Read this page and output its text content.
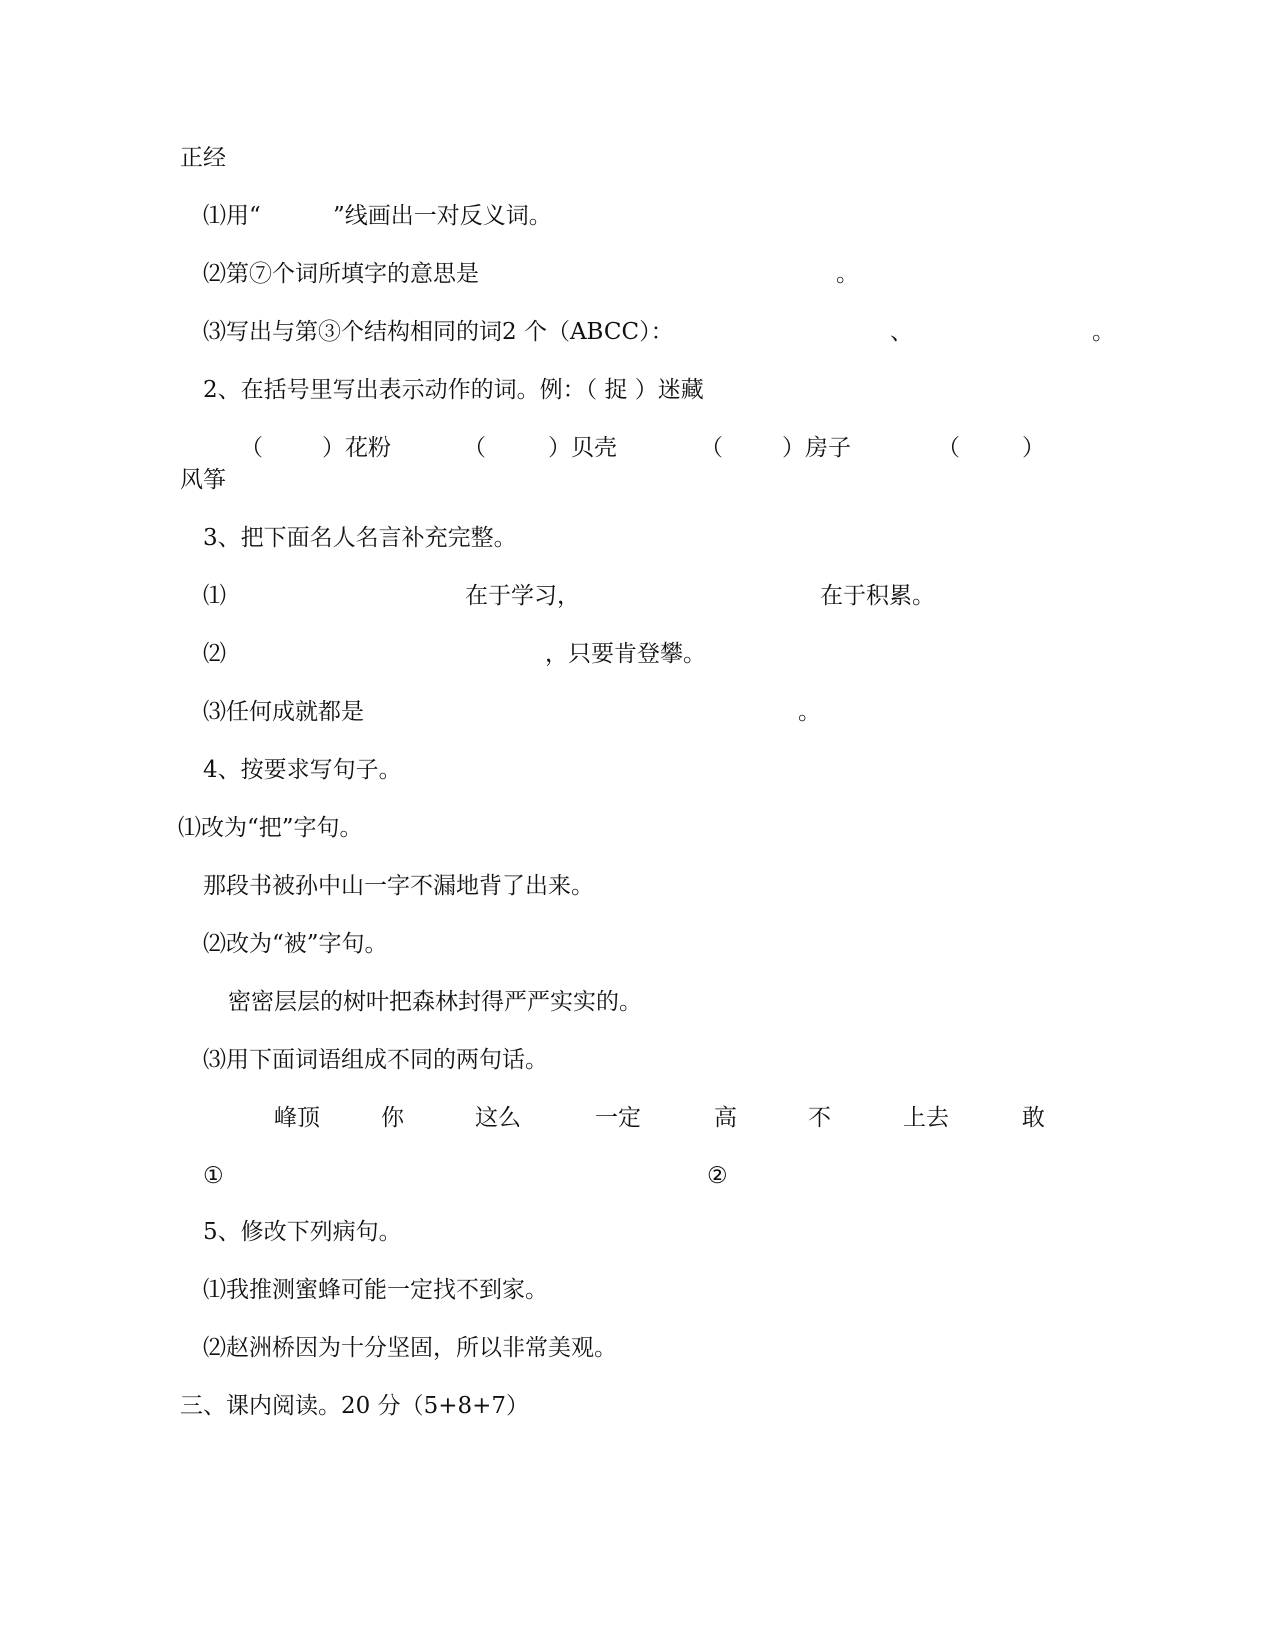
正经
⑴用“	”线画出一对反义词。
⑵第⑦个词所填字的意思是	。
⑶写出与第③个结构相同的词2 个（ABCC）：	、	。
2、在括号里写出表示动作的词。例：（ 捉 ）迷藏
（	）花粉	（	）贝壳	（	）房子	（	）
风筝
3、把下面名人名言补充完整。
⑴	在于学习，	在于积累。
⑵	，只要肯登攀。
⑶任何成就都是	。
4、按要求写句子。
⑴改为“把”字句。
那段书被孙中山一字不漏地背了出来。
⑵改为“被”字句。
密密层层的树叶把森林封得严严实实的。
⑶用下面词语组成不同的两句话。
峰顶	你	这么	一定	高	不	上去	敢
①	②
5、修改下列病句。
⑴我推测蜜蜂可能一定找不到家。
⑵赵洲桥因为十分坚固，所以非常美观。
三、课内阅读。20 分（5+8+7）
